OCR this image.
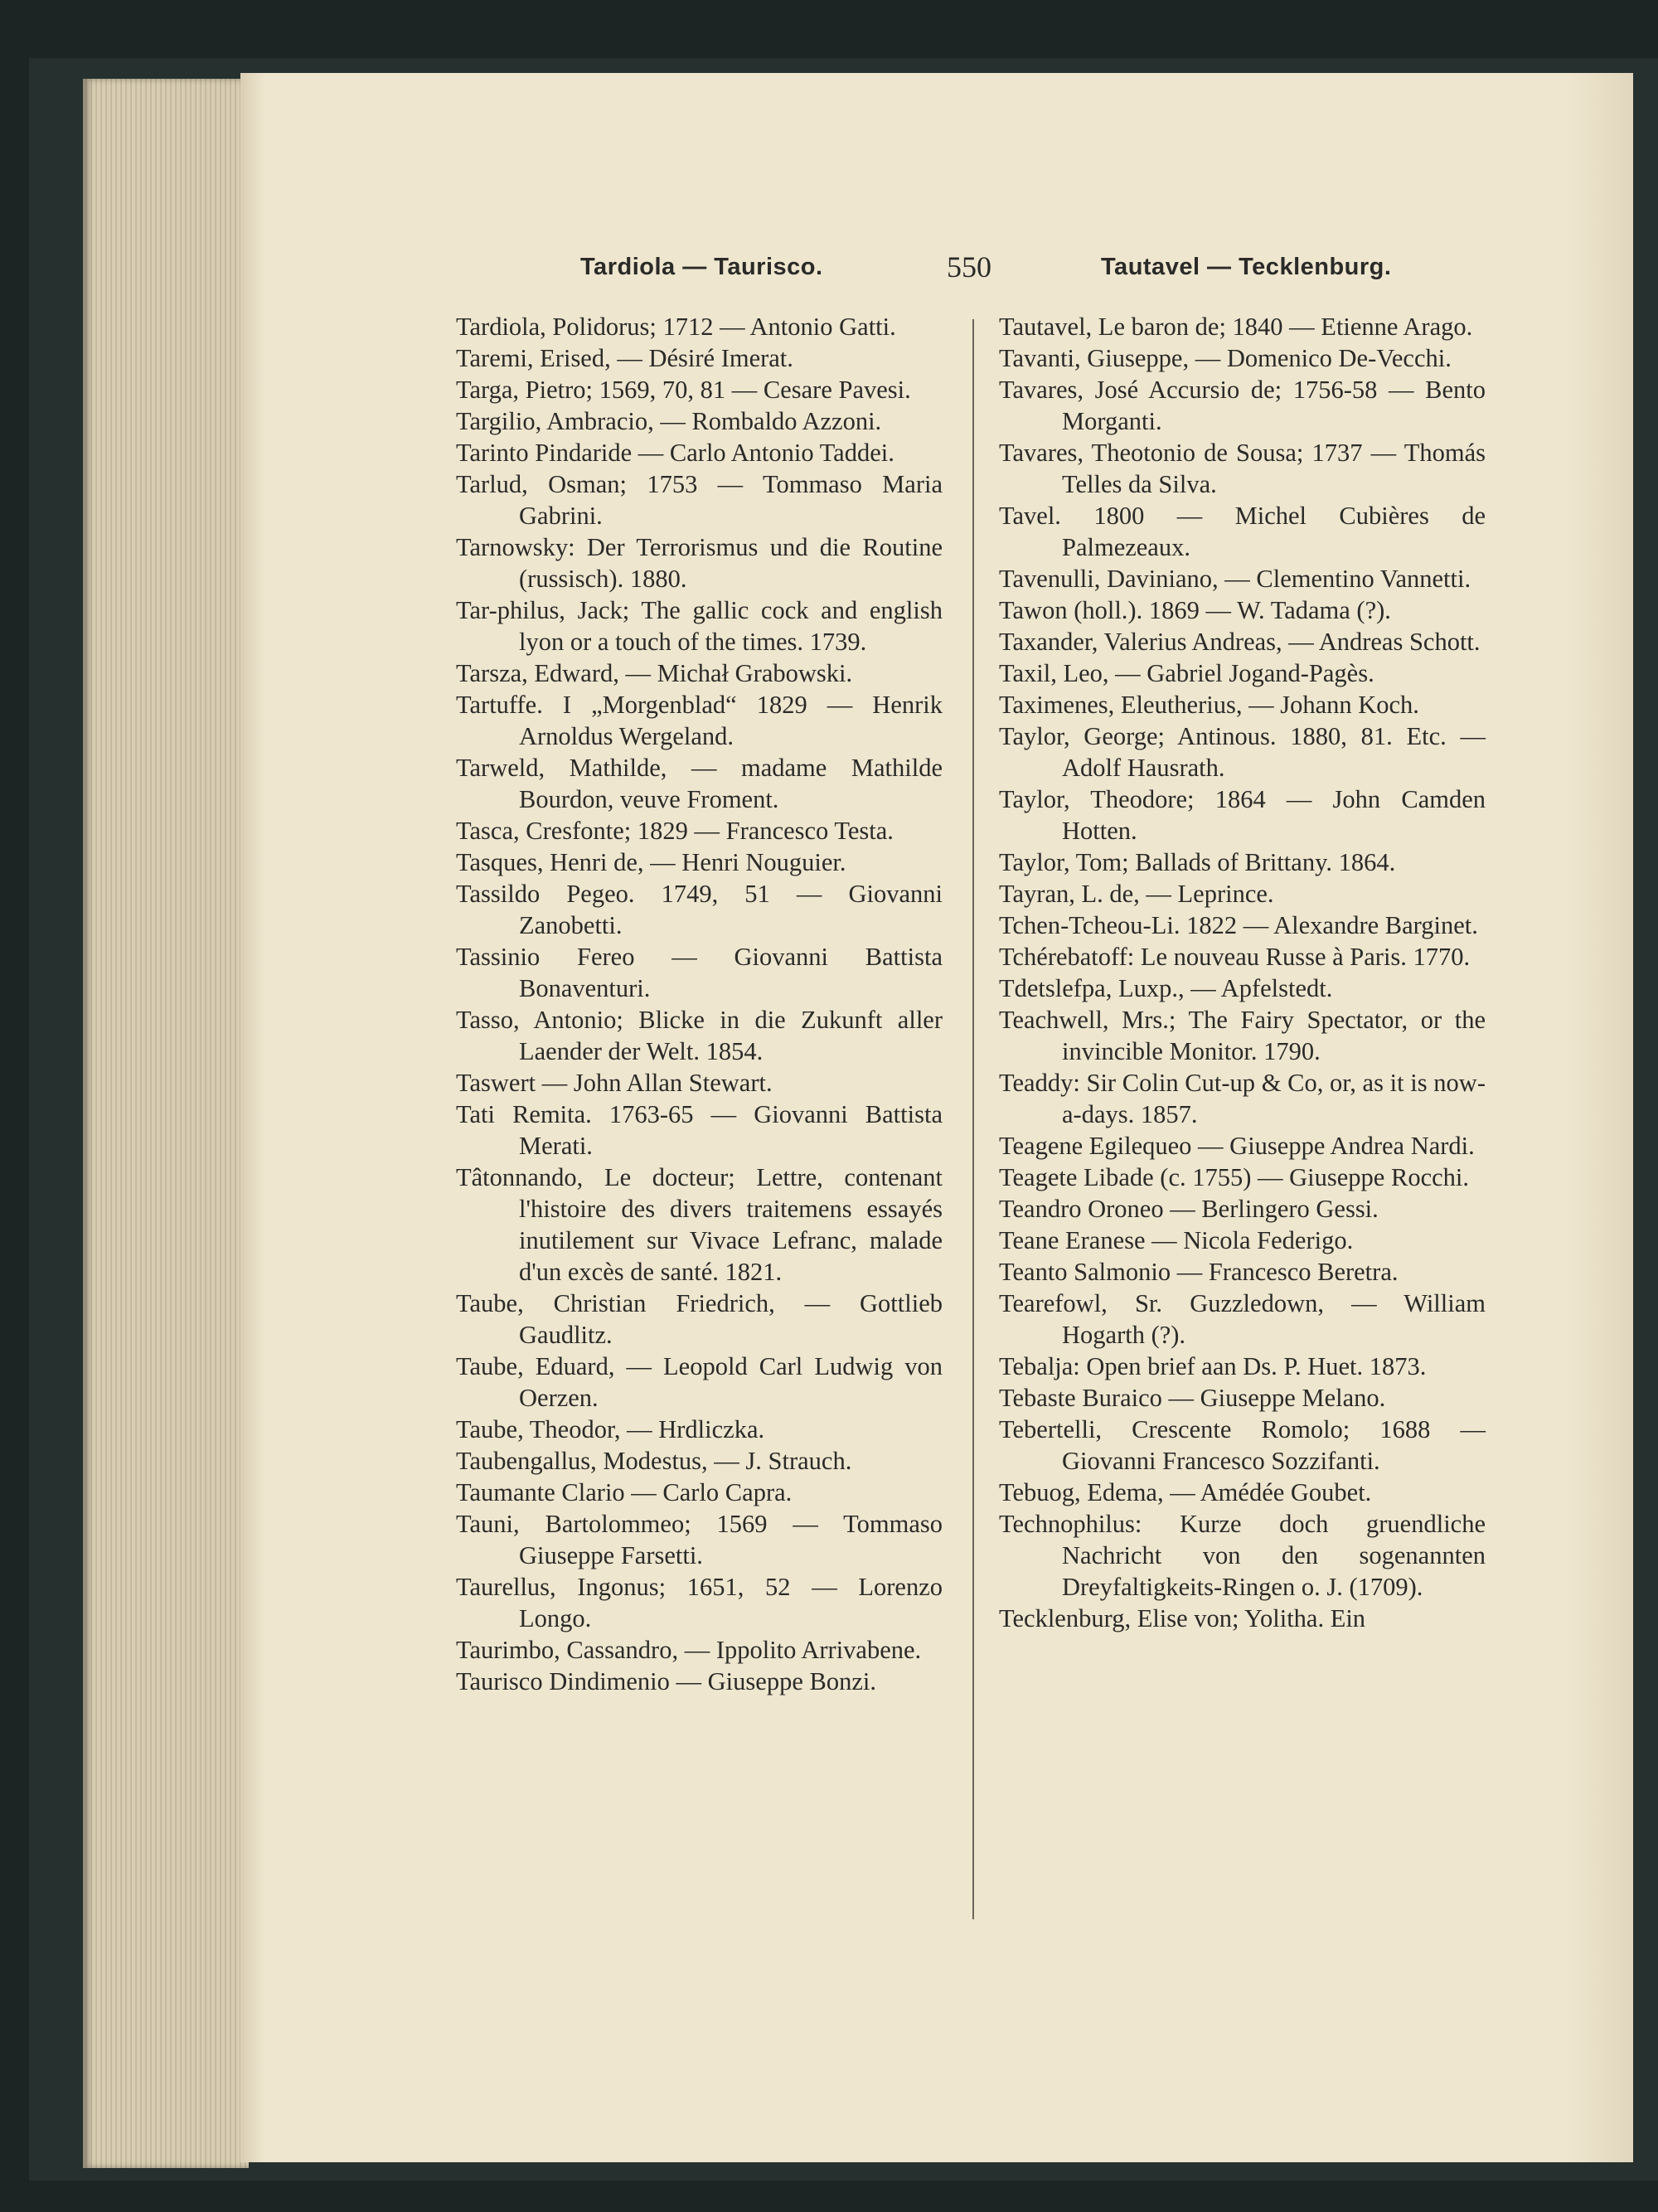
Tardiola — Taurisco.	550	Tautavel — Tecklenburg.
Tardiola, Polidorus; 1712 — Antonio Gatti.
Taremi, Erised, — Désiré Imerat.
Targa, Pietro; 1569, 70, 81 — Cesare Pavesi.
Targilio, Ambracio, — Rombaldo Azzoni.
Tarinto Pindaride — Carlo Antonio Taddei.
Tarlud, Osman; 1753 — Tommaso Maria Gabrini.
Tarnowsky: Der Terrorismus und die Routine (russisch). 1880.
Tar-philus, Jack; The gallic cock and english lyon or a touch of the times. 1739.
Tarsza, Edward, — Michał Grabowski.
Tartuffe. I „Morgenblad“ 1829 — Henrik Arnoldus Wergeland.
Tarweld, Mathilde, — madame Mathilde Bourdon, veuve Froment.
Tasca, Cresfonte; 1829 — Francesco Testa.
Tasques, Henri de, — Henri Nouguier.
Tassildo Pegeo. 1749, 51 — Giovanni Zanobetti.
Tassinio Fereo — Giovanni Battista Bonaventuri.
Tasso, Antonio; Blicke in die Zukunft aller Laender der Welt. 1854.
Taswert — John Allan Stewart.
Tati Remita. 1763-65 — Giovanni Battista Merati.
Tâtonnando, Le docteur; Lettre, contenant l'histoire des divers traitemens essayés inutilement sur Vivace Lefranc, malade d'un excès de santé. 1821.
Taube, Christian Friedrich, — Gottlieb Gaudlitz.
Taube, Eduard, — Leopold Carl Ludwig von Oerzen.
Taube, Theodor, — Hrdliczka.
Taubengallus, Modestus, — J. Strauch.
Taumante Clario — Carlo Capra.
Tauni, Bartolommeo; 1569 — Tommaso Giuseppe Farsetti.
Taurellus, Ingonus; 1651, 52 — Lorenzo Longo.
Taurimbo, Cassandro, — Ippolito Arrivabene.
Taurisco Dindimenio — Giuseppe Bonzi.
Tautavel, Le baron de; 1840 — Etienne Arago.
Tavanti, Giuseppe, — Domenico De-Vecchi.
Tavares, José Accursio de; 1756-58 — Bento Morganti.
Tavares, Theotonio de Sousa; 1737 — Thomás Telles da Silva.
Tavel. 1800 — Michel Cubières de Palmezeaux.
Tavenulli, Daviniano, — Clementino Vannetti.
Tawon (holl.). 1869 — W. Tadama (?).
Taxander, Valerius Andreas, — Andreas Schott.
Taxil, Leo, — Gabriel Jogand-Pagès.
Taximenes, Eleutherius, — Johann Koch.
Taylor, George; Antinous. 1880, 81. Etc. — Adolf Hausrath.
Taylor, Theodore; 1864 — John Camden Hotten.
Taylor, Tom; Ballads of Brittany. 1864.
Tayran, L. de, — Leprince.
Tchen-Tcheou-Li. 1822 — Alexandre Barginet.
Tchérebatoff: Le nouveau Russe à Paris. 1770.
Tdetslefpa, Luxp., — Apfelstedt.
Teachwell, Mrs.; The Fairy Spectator, or the invincible Monitor. 1790.
Teaddy: Sir Colin Cut-up & Co, or, as it is now-a-days. 1857.
Teagene Egilequeo — Giuseppe Andrea Nardi.
Teagete Libade (c. 1755) — Giuseppe Rocchi.
Teandro Oroneo — Berlingero Gessi.
Teane Eranese — Nicola Federigo.
Teanto Salmonio — Francesco Beretra.
Tearefowl, Sr. Guzzledown, — William Hogarth (?).
Tebalja: Open brief aan Ds. P. Huet. 1873.
Tebaste Buraico — Giuseppe Melano.
Tebertelli, Crescente Romolo; 1688 — Giovanni Francesco Sozzifanti.
Tebuog, Edema, — Amédée Goubet.
Technophilus: Kurze doch gruendliche Nachricht von den sogenannten Dreyfaltigkeits-Ringen o. J. (1709).
Tecklenburg, Elise von; Yolitha. Ein
